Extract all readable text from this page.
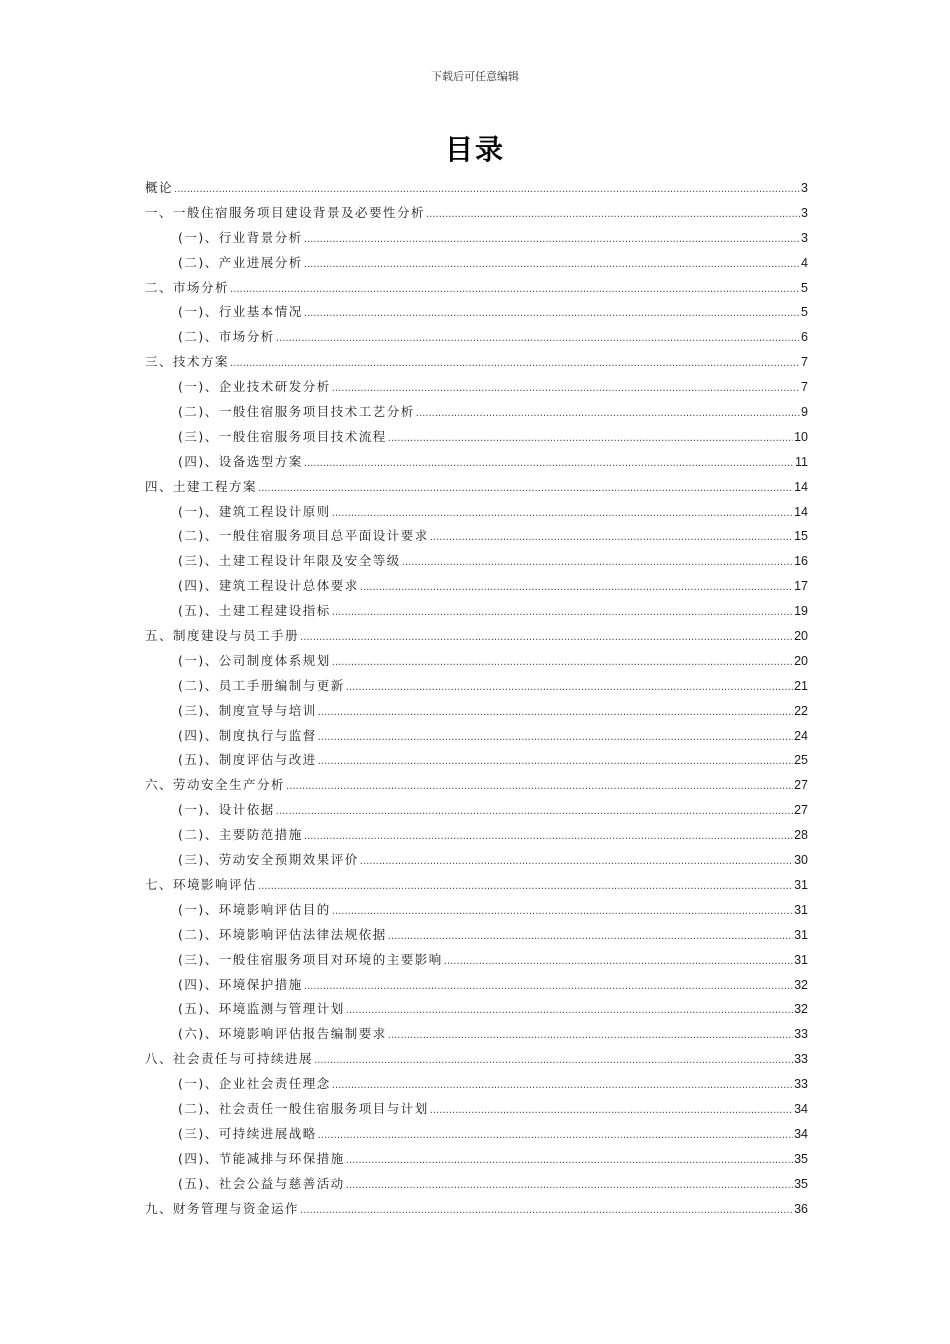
下载后可任意编辑
目录
概论 .....	3
一、一般住宿服务项目建设背景及必要性分析 .....	3
(一)、行业背景分析 .....	3
(二)、产业进展分析 .....	4
二、市场分析 .....	5
(一)、行业基本情况 .....	5
(二)、市场分析 .....	6
三、技术方案 .....	7
(一)、企业技术研发分析 .....	7
(二)、一般住宿服务项目技术工艺分析 .....	9
(三)、一般住宿服务项目技术流程 .....	10
(四)、设备选型方案 .....	11
四、土建工程方案 .....	14
(一)、建筑工程设计原则 .....	14
(二)、一般住宿服务项目总平面设计要求 .....	15
(三)、土建工程设计年限及安全等级 .....	16
(四)、建筑工程设计总体要求 .....	17
(五)、土建工程建设指标 .....	19
五、制度建设与员工手册 .....	20
(一)、公司制度体系规划 .....	20
(二)、员工手册编制与更新 .....	21
(三)、制度宣导与培训 .....	22
(四)、制度执行与监督 .....	24
(五)、制度评估与改进 .....	25
六、劳动安全生产分析 .....	27
(一)、设计依据 .....	27
(二)、主要防范措施 .....	28
(三)、劳动安全预期效果评价 .....	30
七、环境影响评估 .....	31
(一)、环境影响评估目的 .....	31
(二)、环境影响评估法律法规依据 .....	31
(三)、一般住宿服务项目对环境的主要影响 .....	31
(四)、环境保护措施 .....	32
(五)、环境监测与管理计划 .....	32
(六)、环境影响评估报告编制要求 .....	33
八、社会责任与可持续进展 .....	33
(一)、企业社会责任理念 .....	33
(二)、社会责任一般住宿服务项目与计划 .....	34
(三)、可持续进展战略 .....	34
(四)、节能减排与环保措施 .....	35
(五)、社会公益与慈善活动 .....	35
九、财务管理与资金运作 .....	36
